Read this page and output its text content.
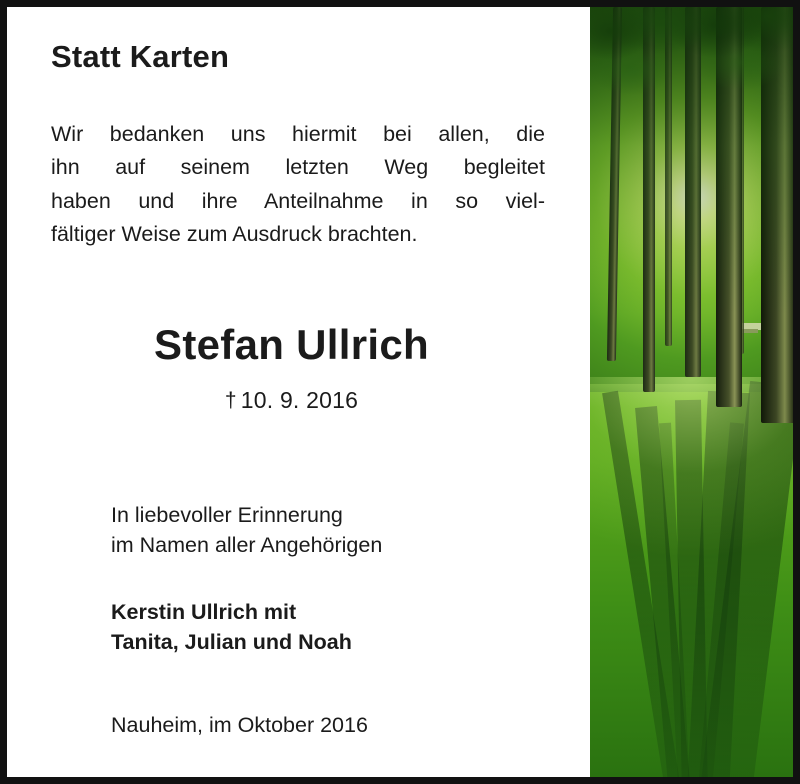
Statt Karten
Wir bedanken uns hiermit bei allen, die
ihn auf seinem letzten Weg begleitet
haben und ihre Anteilnahme in so viel-
fältiger Weise zum Ausdruck brachten.
Stefan Ullrich
† 10. 9. 2016
In liebevoller Erinnerung
im Namen aller Angehörigen
Kerstin Ullrich mit
Tanita, Julian und Noah
Nauheim, im Oktober 2016
